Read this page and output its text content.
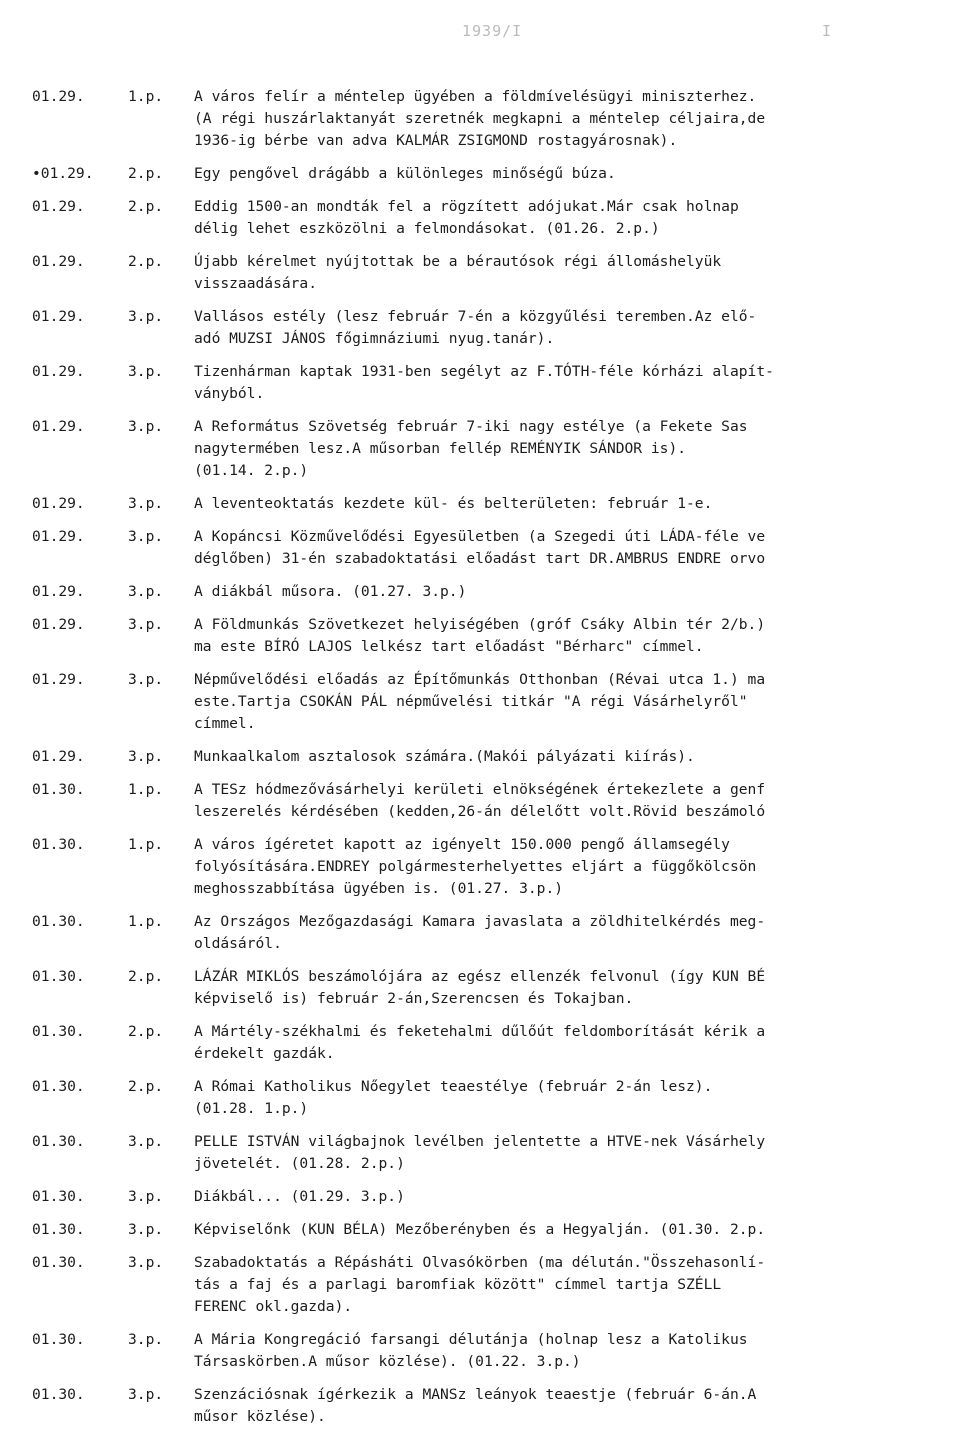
1939/I	I
01.29.	1.p.	A város felír a méntelep ügyében a földmívelésügyi miniszterhez.
(A régi huszárlaktanyát szeretnék megkapni a méntelep céljaira,de
1936-ig bérbe van adva KALMÁR ZSIGMOND rostagyárosnak).
•01.29.	2.p.	Egy pengővel drágább a különleges minőségű búza.
01.29.	2.p.	Eddig 1500-an mondták fel a rögzített adójukat.Már csak holnap
délig lehet eszközölni a felmondásokat. (01.26. 2.p.)
01.29.	2.p.	Újabb kérelmet nyújtottak be a bérautósok régi állomáshelyük
visszaadására.
01.29.	3.p.	Vallásos estély (lesz február 7-én a közgyűlési teremben.Az elő-
adó MUZSI JÁNOS főgimnáziumi nyug.tanár).
01.29.	3.p.	Tizenhárman kaptak 1931-ben segélyt az F.TÓTH-féle kórházi alapít-
ványból.
01.29.	3.p.	A Református Szövetség február 7-iki nagy estélye (a Fekete Sas
nagytermében lesz.A műsorban fellép REMÉNYIK SÁNDOR is).
(01.14. 2.p.)
01.29.	3.p.	A leventeoktatás kezdete kül- és belterületen: február 1-e.
01.29.	3.p.	A Kopáncsi Közművelődési Egyesületben (a Szegedi úti LÁDA-féle ve
déglőben) 31-én szabadoktatási előadást tart DR.AMBRUS ENDRE orvo
01.29.	3.p.	A diákbál műsora. (01.27. 3.p.)
01.29.	3.p.	A Földmunkás Szövetkezet helyiségében (gróf Csáky Albin tér 2/b.)
ma este BÍRÓ LAJOS lelkész tart előadást "Bérharc" címmel.
01.29.	3.p.	Népművelődési előadás az Építőmunkás Otthonban (Révai utca 1.) ma
este.Tartja CSOKÁN PÁL népművelési titkár "A régi Vásárhelyről"
címmel.
01.29.	3.p.	Munkaalkalom asztalosok számára.(Makói pályázati kiírás).
01.30.	1.p.	A TESz hódmezővásárhelyi kerületi elnökségének értekezlete a genf
leszerelés kérdésében (kedden,26-án délelőtt volt.Rövid beszámoló
01.30.	1.p.	A város ígéretet kapott az igényelt 150.000 pengő államsegély
folyósítására.ENDREY polgármesterhelyettes eljárt a függőkölcsön
meghosszabbítása ügyében is. (01.27. 3.p.)
01.30.	1.p.	Az Országos Mezőgazdasági Kamara javaslata a zöldhitelkérdés meg-
oldásáról.
01.30.	2.p.	LÁZÁR MIKLÓS beszámolójára az egész ellenzék felvonul (így KUN BÉ
képviselő is) február 2-án,Szerencsen és Tokajban.
01.30.	2.p.	A Mártély-székhalmi és feketehalmi dűlőút feldomborítását kérik a
érdekelt gazdák.
01.30.	2.p.	A Római Katholikus Nőegylet teaestélye (február 2-án lesz).
(01.28. 1.p.)
01.30.	3.p.	PELLE ISTVÁN világbajnok levélben jelentette a HTVE-nek Vásárhely
jövetelét. (01.28. 2.p.)
01.30.	3.p.	Diákbál... (01.29. 3.p.)
01.30.	3.p.	Képviselőnk (KUN BÉLA) Mezőberényben és a Hegyalján. (01.30. 2.p.
01.30.	3.p.	Szabadoktatás a Répásháti Olvasókörben (ma délután."Összehasonlí-
tás a faj és a parlagi baromfiak között" címmel tartja SZÉLL
FERENC okl.gazda).
01.30.	3.p.	A Mária Kongregáció farsangi délutánja (holnap lesz a Katolikus
Társaskörben.A műsor közlése). (01.22. 3.p.)
01.30.	3.p.	Szenzációsnak ígérkezik a MANSz leányok teaestje (február 6-án.A
műsor közlése).
